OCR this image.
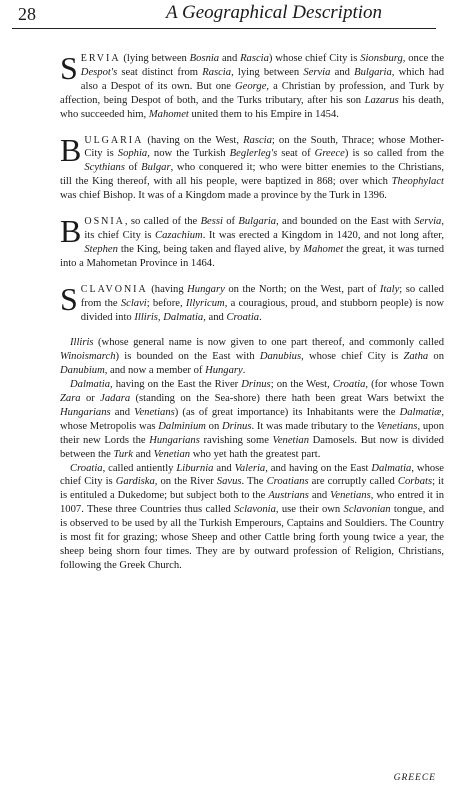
28	A Geographical Description

SERVIA (lying between Bosnia and Rascia) whose chief City is Sionsburg, once the Despot's seat distinct from Rascia, lying between Servia and Bulgaria, which had also a Despot of its own. But one George, a Christian by profession, and Turk by affection, being Despot of both, and the Turks tributary, after his son Lazarus his death, who succeeded him, Mahomet united them to his Empire in 1454.

BULGARIA (having on the West, Rascia; on the South, Thrace; whose Mother-City is Sophia, now the Turkish Beglerleg's seat of Greece) is so called from the Scythians of Bulgar, who conquered it; who were bitter enemies to the Christians, till the King thereof, with all his people, were baptized in 868; over which Theophylact was chief Bishop. It was of a Kingdom made a province by the Turk in 1396.

BOSNIA, so called of the Bessi of Bulgaria, and bounded on the East with Servia, its chief City is Cazachium. It was erected a Kingdom in 1420, and not long after, Stephen the King, being taken and flayed alive, by Mahomet the great, it was turned into a Mahometan Province in 1464.

SCLAVONIA (having Hungary on the North; on the West, part of Italy; so called from the Sclavi; before, Illyricum, a couragious, proud, and stubborn people) is now divided into Illiris, Dalmatia, and Croatia.

Illiris (whose general name is now given to one part thereof, and commonly called Winoismarch) is bounded on the East with Danubius, whose chief City is Zatha on Danubium, and now a member of Hungary.

Dalmatia, having on the East the River Drinus; on the West, Croatia, (for whose Town Zara or Jadara (standing on the Sea-shore) there hath been great Wars betwixt the Hungarians and Venetians) (as of great importance) its Inhabitants were the Dalmatiæ, whose Metropolis was Dalminium on Drinus. It was made tributary to the Venetians, upon their new Lords the Hungarians ravishing some Venetian Damosels. But now is divided between the Turk and Venetian who yet hath the greatest part.

Croatia, called antiently Liburnia and Valeria, and having on the East Dalmatia, whose chief City is Gardiska, on the River Savus. The Croatians are corruptly called Corbats; it is entituled a Dukedome; but subject both to the Austrians and Venetians, who entred it in 1007. These three Countries thus called Sclavonia, use their own Sclavonian tongue, and is observed to be used by all the Turkish Emperours, Captains and Souldiers. The Country is most fit for grazing; whose Sheep and other Cattle bring forth young twice a year, the sheep being shorn four times. They are by outward profession of Religion, Christians, following the Greek Church.

GREECE
